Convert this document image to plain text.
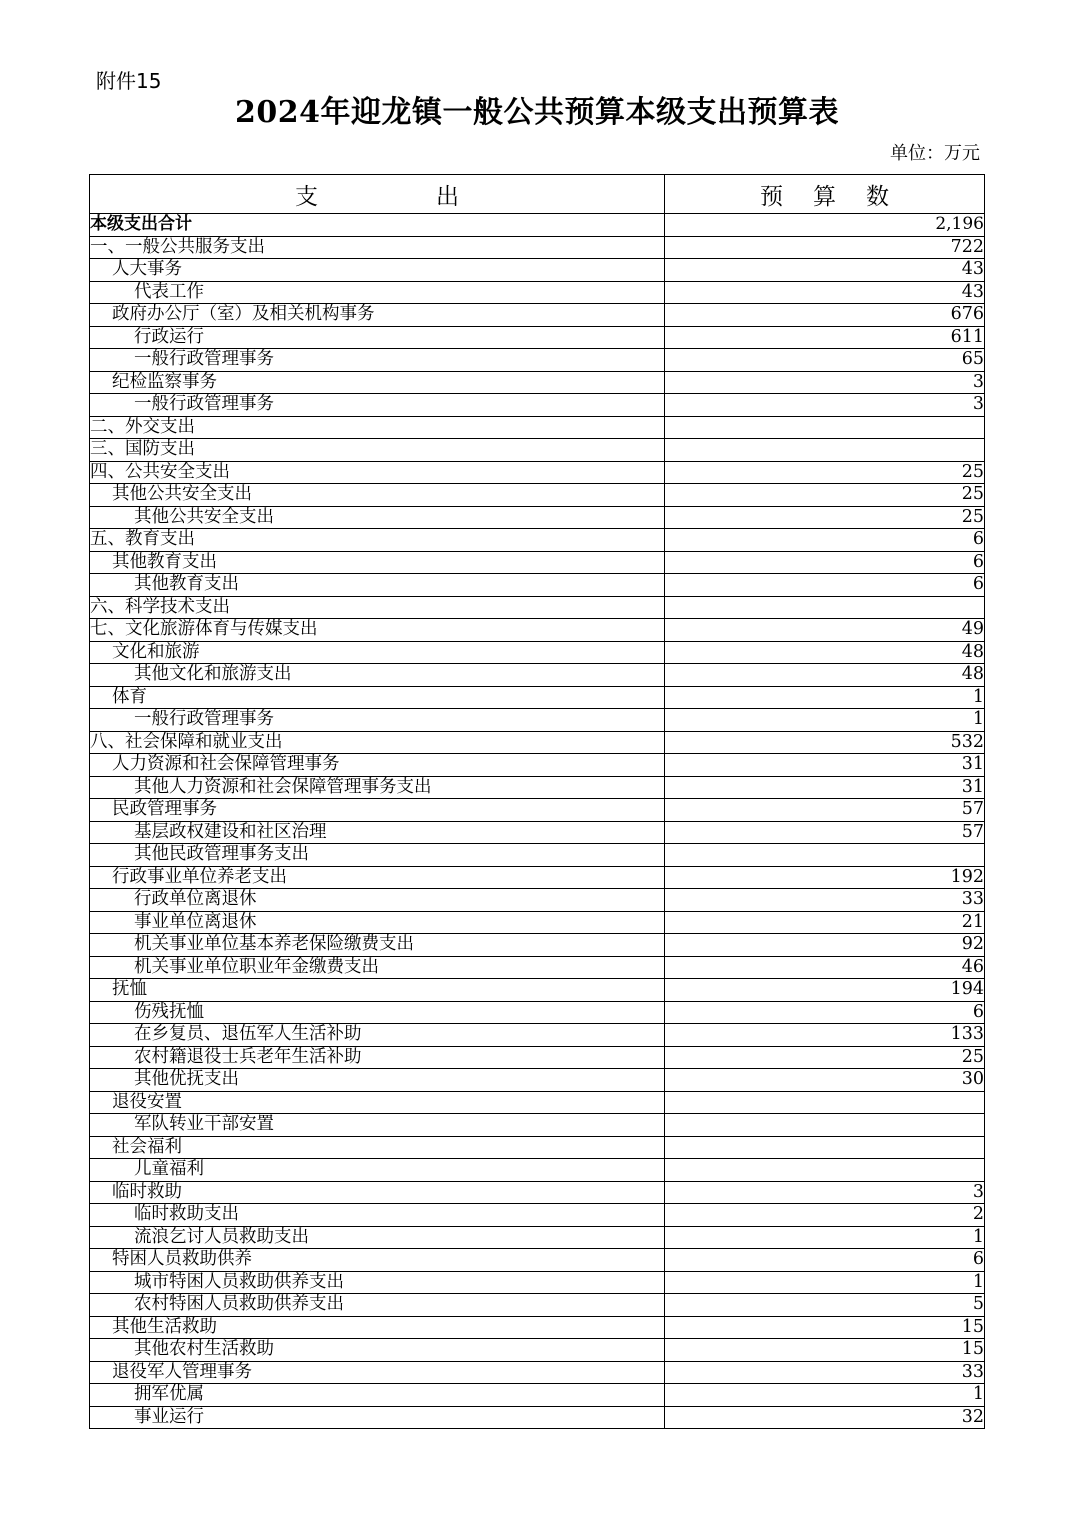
附件15
2024年迎龙镇一般公共预算本级支出预算表
单位：万元
支出	预算数
本级支出合计	2,196
一、一般公共服务支出	722
人大事务	43
代表工作	43
政府办公厅（室）及相关机构事务	676
行政运行	611
一般行政管理事务	65
纪检监察事务	3
一般行政管理事务	3
二、外交支出	
三、国防支出	
四、公共安全支出	25
其他公共安全支出	25
其他公共安全支出	25
五、教育支出	6
其他教育支出	6
其他教育支出	6
六、科学技术支出	
七、文化旅游体育与传媒支出	49
文化和旅游	48
其他文化和旅游支出	48
体育	1
一般行政管理事务	1
八、社会保障和就业支出	532
人力资源和社会保障管理事务	31
其他人力资源和社会保障管理事务支出	31
民政管理事务	57
基层政权建设和社区治理	57
其他民政管理事务支出	
行政事业单位养老支出	192
行政单位离退休	33
事业单位离退休	21
机关事业单位基本养老保险缴费支出	92
机关事业单位职业年金缴费支出	46
抚恤	194
伤残抚恤	6
在乡复员、退伍军人生活补助	133
农村籍退役士兵老年生活补助	25
其他优抚支出	30
退役安置	
军队转业干部安置	
社会福利	
儿童福利	
临时救助	3
临时救助支出	2
流浪乞讨人员救助支出	1
特困人员救助供养	6
城市特困人员救助供养支出	1
农村特困人员救助供养支出	5
其他生活救助	15
其他农村生活救助	15
退役军人管理事务	33
拥军优属	1
事业运行	32
